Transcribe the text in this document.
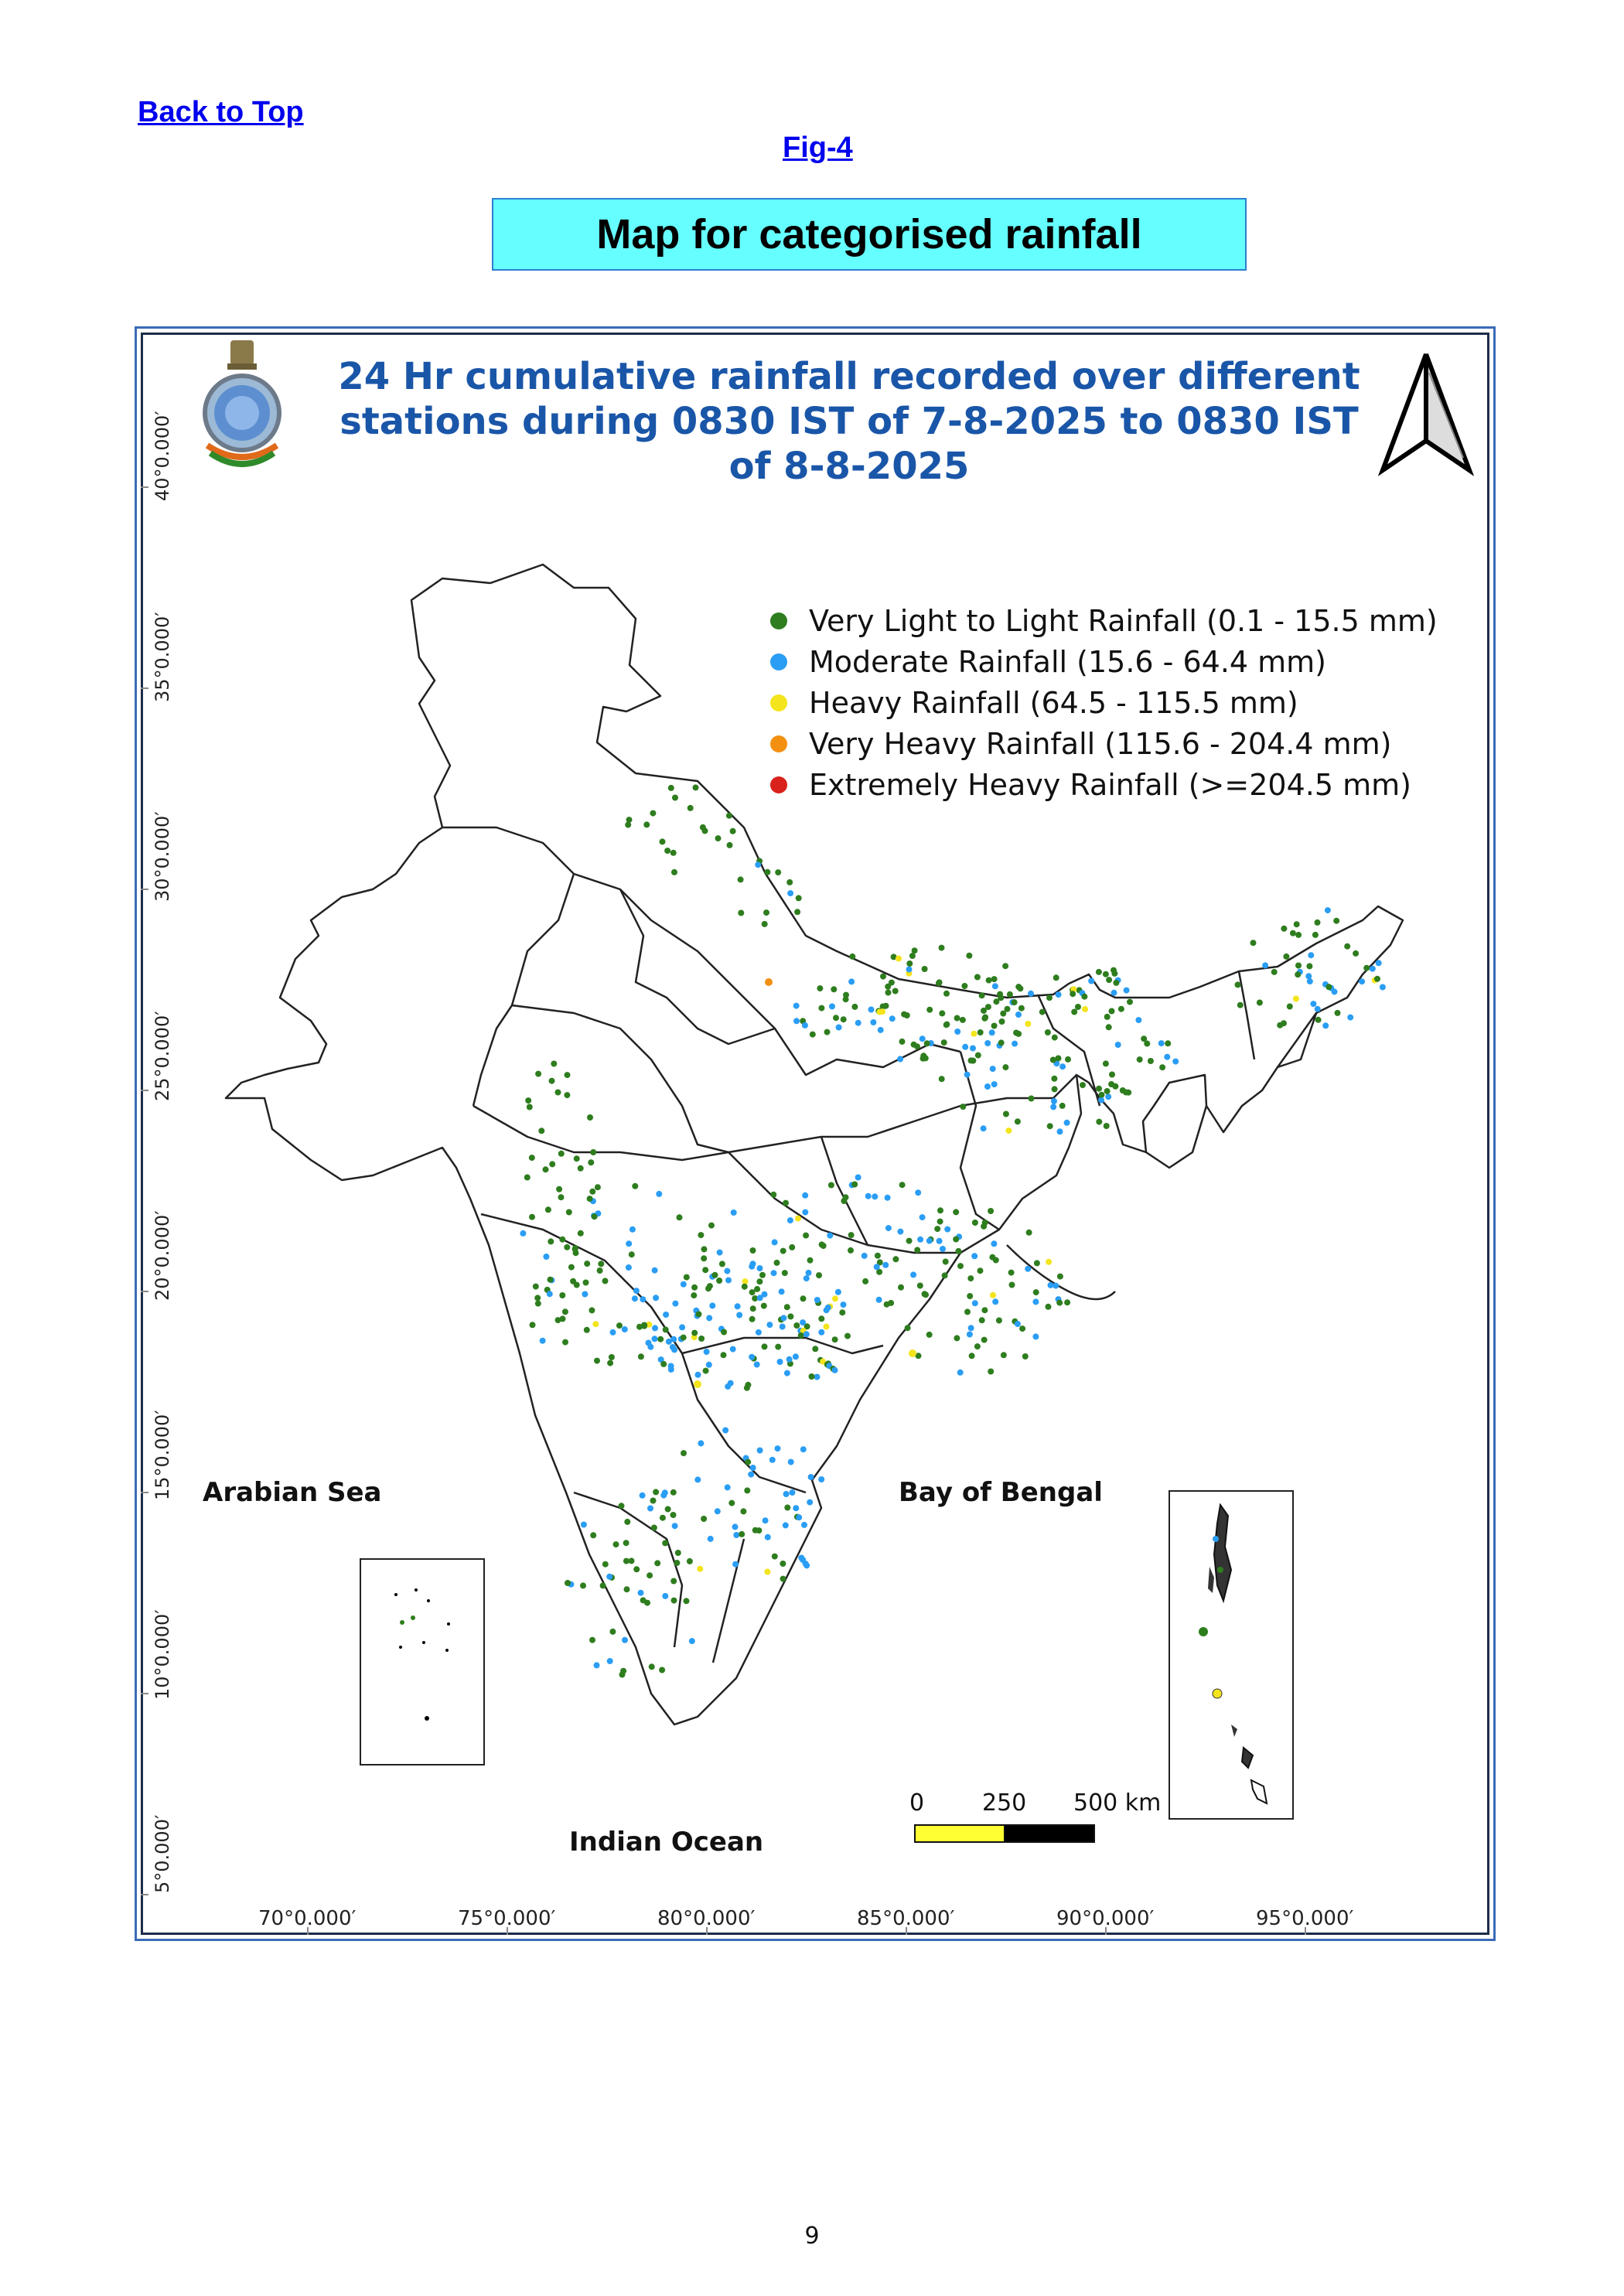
Back to Top
Fig-4
Map for categorised rainfall
24 Hr cumulative rainfall recorded over different
stations during 0830 IST of 7-8-2025 to 0830 IST
of 8-8-2025
Very Light to Light Rainfall (0.1 - 15.5 mm)
Moderate Rainfall (15.6 - 64.4 mm)
Heavy Rainfall (64.5 - 115.5 mm)
Very Heavy Rainfall (115.6 - 204.4 mm)
Extremely Heavy Rainfall (>=204.5 mm)
Arabian Sea	Bay of Bengal
Indian Ocean
40°0.000′
35°0.000′
30°0.000′
25°0.000′
20°0.000′
15°0.000′
10°0.000′
5°0.000′
70°0.000′	75°0.000′	80°0.000′	85°0.000′	90°0.000′	95°0.000′
0 250 500 km
9
